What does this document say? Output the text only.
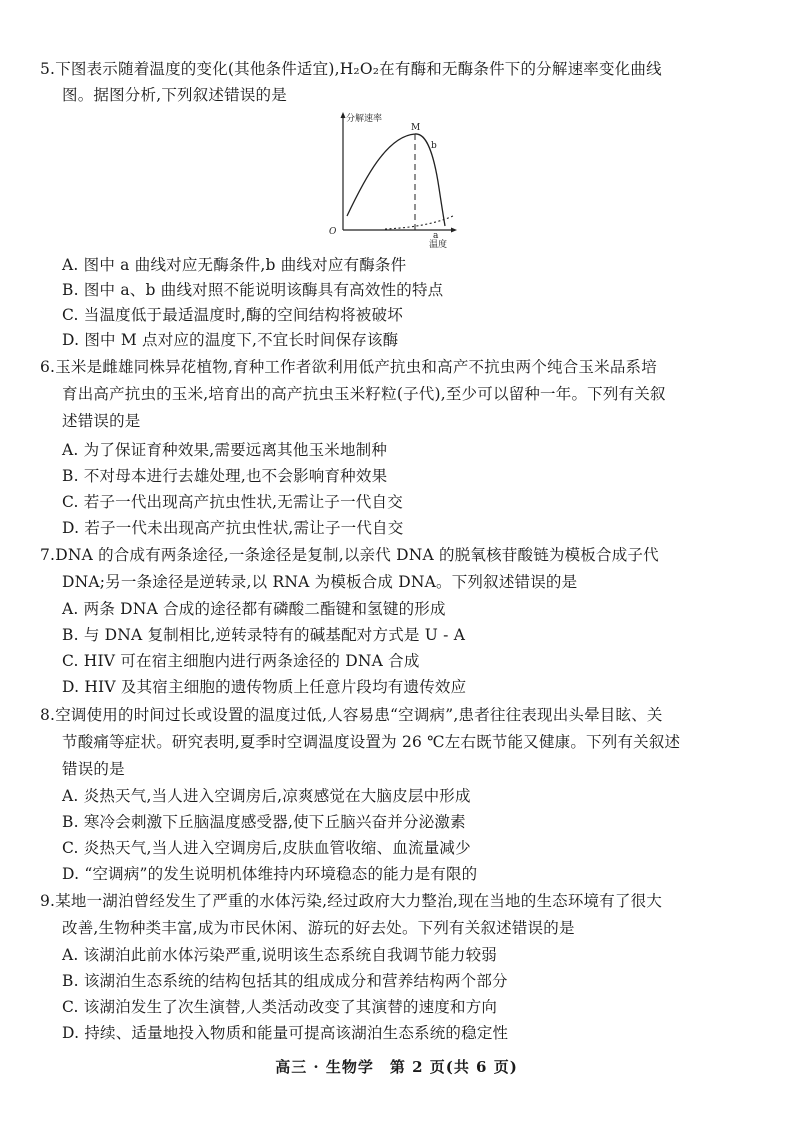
5.下图表示随着温度的变化(其他条件适宜),H₂O₂在有酶和无酶条件下的分解速率变化曲线
图。据图分析,下列叙述错误的是
分解速率
M
b
a
温度
O
A. 图中 a 曲线对应无酶条件,b 曲线对应有酶条件
B. 图中 a、b 曲线对照不能说明该酶具有高效性的特点
C. 当温度低于最适温度时,酶的空间结构将被破坏
D. 图中 M 点对应的温度下,不宜长时间保存该酶
6.玉米是雌雄同株异花植物,育种工作者欲利用低产抗虫和高产不抗虫两个纯合玉米品系培
育出高产抗虫的玉米,培育出的高产抗虫玉米籽粒(子代),至少可以留种一年。下列有关叙
述错误的是
A. 为了保证育种效果,需要远离其他玉米地制种
B. 不对母本进行去雄处理,也不会影响育种效果
C. 若子一代出现高产抗虫性状,无需让子一代自交
D. 若子一代未出现高产抗虫性状,需让子一代自交
7.DNA 的合成有两条途径,一条途径是复制,以亲代 DNA 的脱氧核苷酸链为模板合成子代
DNA;另一条途径是逆转录,以 RNA 为模板合成 DNA。下列叙述错误的是
A. 两条 DNA 合成的途径都有磷酸二酯键和氢键的形成
B. 与 DNA 复制相比,逆转录特有的碱基配对方式是 U - A
C. HIV 可在宿主细胞内进行两条途径的 DNA 合成
D. HIV 及其宿主细胞的遗传物质上任意片段均有遗传效应
8.空调使用的时间过长或设置的温度过低,人容易患“空调病”,患者往往表现出头晕目眩、关
节酸痛等症状。研究表明,夏季时空调温度设置为 26 ℃左右既节能又健康。下列有关叙述
错误的是
A. 炎热天气,当人进入空调房后,凉爽感觉在大脑皮层中形成
B. 寒冷会刺激下丘脑温度感受器,使下丘脑兴奋并分泌激素
C. 炎热天气,当人进入空调房后,皮肤血管收缩、血流量减少
D. “空调病”的发生说明机体维持内环境稳态的能力是有限的
9.某地一湖泊曾经发生了严重的水体污染,经过政府大力整治,现在当地的生态环境有了很大
改善,生物种类丰富,成为市民休闲、游玩的好去处。下列有关叙述错误的是
A. 该湖泊此前水体污染严重,说明该生态系统自我调节能力较弱
B. 该湖泊生态系统的结构包括其的组成成分和营养结构两个部分
C. 该湖泊发生了次生演替,人类活动改变了其演替的速度和方向
D. 持续、适量地投入物质和能量可提高该湖泊生态系统的稳定性
高三 · 生物学　第 2 页(共 6 页)
